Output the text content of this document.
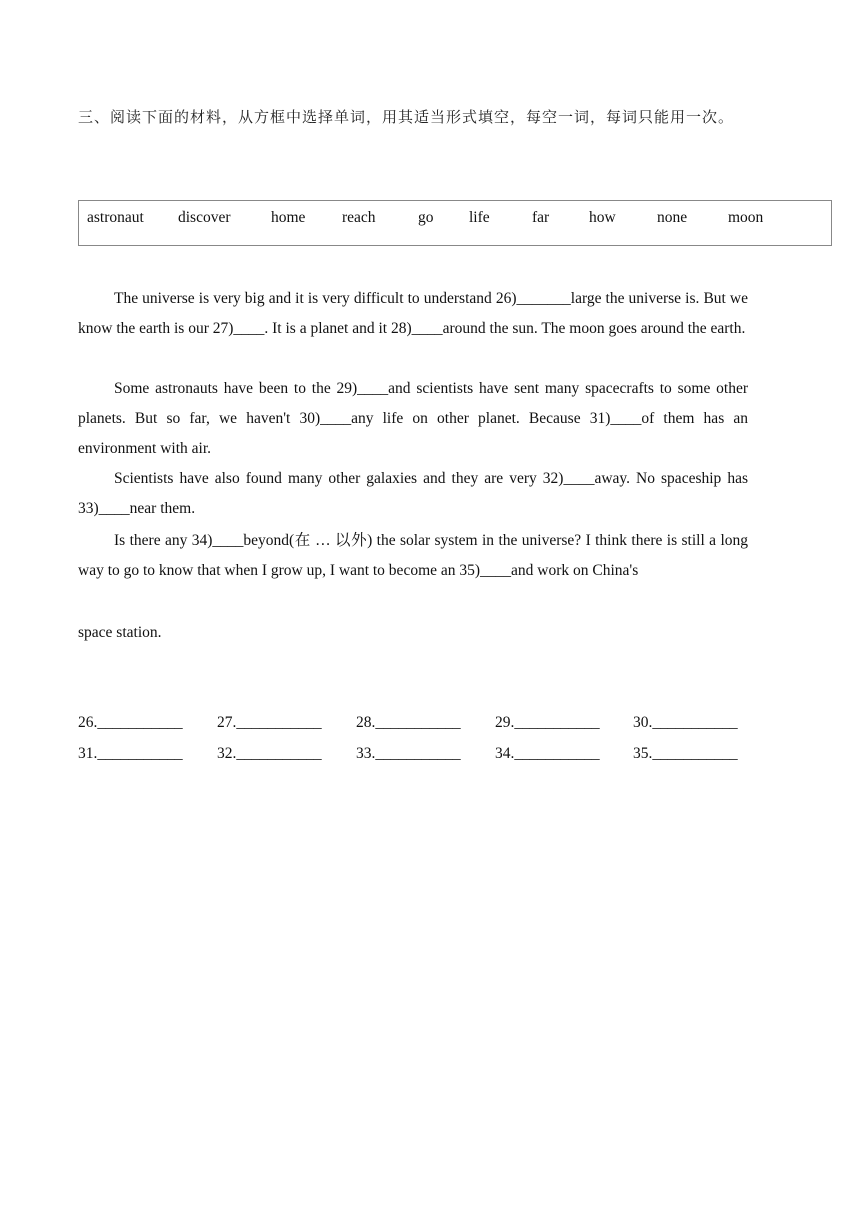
三、阅读下面的材料，从方框中选择单词，用其适当形式填空，每空一词，每词只能用一次。
astronaut discover	home reach	go life	far	how	none	moon

The universe is very big and it is very difficult to understand 26)_______large the universe is. But we know the earth is our 27)____. It is a planet and it 28)____around the sun. The moon goes around the earth.

Some astronauts have been to the 29)____and scientists have sent many spacecrafts to some other planets. But so far, we haven't 30)____any life on other planet. Because 31)____of them has an environment with air.

Scientists have also found many other galaxies and they are very 32)____away. No spaceship has 33)____near them.

Is there any 34)____beyond(在 … 以外) the solar system in the universe? I think there is still a long way to go to know that when I grow up, I want to become an 35)____and work on China's

space station.
26.___________ 27.___________ 28.___________ 29.___________ 30.___________
31.___________ 32.___________ 33.___________ 34.___________ 35.___________
